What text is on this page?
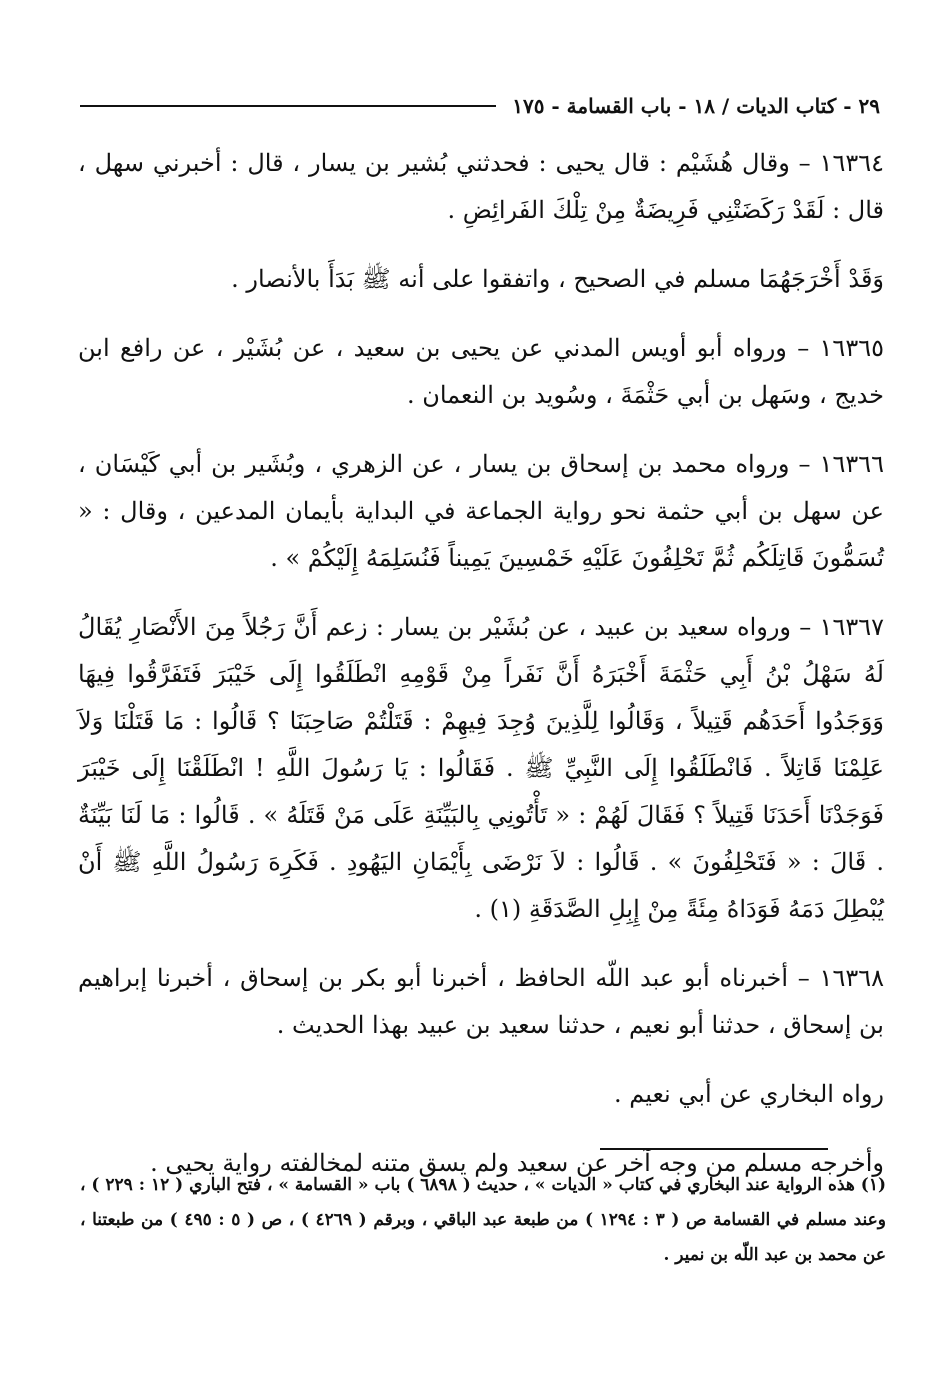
٢٩ - كتاب الديات / ١٨ - باب القسامة - ١٧٥

١٦٣٦٤ – وقال هُشَيْم : قال يحيى : فحدثني بُشير بن يسار ، قال : أخبرني سهل ، قال : لَقَدْ رَكَضَتْنِي فَرِيضَةٌ مِنْ تِلْكَ الفَرائِضِ .

وَقَدْ أَخْرَجَهُمَا مسلم في الصحيح ، واتفقوا على أنه ﷺ بَدَأَ بالأنصار .

١٦٣٦٥ – ورواه أبو أويس المدني عن يحيى بن سعيد ، عن بُشَيْر ، عن رافع ابن خديج ، وسَهل بن أبي حَثْمَةَ ، وسُويد بن النعمان .

١٦٣٦٦ – ورواه محمد بن إسحاق بن يسار ، عن الزهري ، وبُشَير بن أبي كَيْسَان ، عن سهل بن أبي حثمة نحو رواية الجماعة في البداية بأيمان المدعين ، وقال : « تُسَمُّونَ قَاتِلَكُم ثُمَّ تَحْلِفُونَ عَلَيْهِ خَمْسِينَ يَمِيناً فَنُسَلِمَهُ إِلَيْكُمْ » .

١٦٣٦٧ – ورواه سعيد بن عبيد ، عن بُشَيْر بن يسار : زعم أَنَّ رَجُلاً مِنَ الأَنْصَارِ يُقَالُ لَهُ سَهْلُ بْنُ أَبِي حَثْمَةَ أَخْبَرَهُ أَنَّ نَفَراً مِنْ قَوْمِهِ انْطَلَقُوا إِلَى خَيْبَرَ فَتَفَرَّقُوا فِيهَا وَوَجَدُوا أَحَدَهُم قَتِيلاً ، وَقَالُوا لِلَّذِينَ وُجِدَ فِيهِمْ : قَتَلْتُمْ صَاحِبَنَا ؟ قَالُوا : مَا قَتَلْنَا وَلاَ عَلِمْنَا قَاتِلاً . فَانْطَلَقُوا إِلَى النَّبِيِّ ﷺ . فَقَالُوا : يَا رَسُولَ اللَّهِ ! انْطَلَقْنَا إِلَى خَيْبَرَ فَوَجَدْنَا أَحَدَنَا قَتِيلاً ؟ فَقَالَ لَهُمْ : « تَأْتُونِي بِالبَيِّنَةِ عَلَى مَنْ قَتَلَهُ » . قَالُوا : مَا لَنَا بَيِّنَةٌ . قَالَ : « فَتَحْلِفُونَ » . قَالُوا : لاَ نَرْضَى بِأَيْمَانِ اليَهُودِ . فَكَرِهَ رَسُولُ اللَّهِ ﷺ أَنْ يُبْطِلَ دَمَهُ فَوَدَاهُ مِئَةً مِنْ إِبِلِ الصَّدَقَةِ (١) .

١٦٣٦٨ – أخبرناه أبو عبد اللّه الحافظ ، أخبرنا أبو بكر بن إسحاق ، أخبرنا إبراهيم بن إسحاق ، حدثنا أبو نعيم ، حدثنا سعيد بن عبيد بهذا الحديث .

رواه البخاري عن أبي نعيم .

وأخرجه مسلم من وجه آخر عن سعيد ولم يسق متنه لمخالفته رواية يحيى .

(١) هذه الرواية عند البخاري في كتاب « الديات » ، حديث ( ٦٨٩٨ ) باب « القسامة » ، فتح الباري ( ١٢ : ٢٢٩ ) ، وعند مسلم في القسامة ص ( ٣ : ١٢٩٤ ) من طبعة عبد الباقي ، وبرقم ( ٤٢٦٩ ) ، ص ( ٥ : ٤٩٥ ) من طبعتنا ، عن محمد بن عبد اللّه بن نمير .
